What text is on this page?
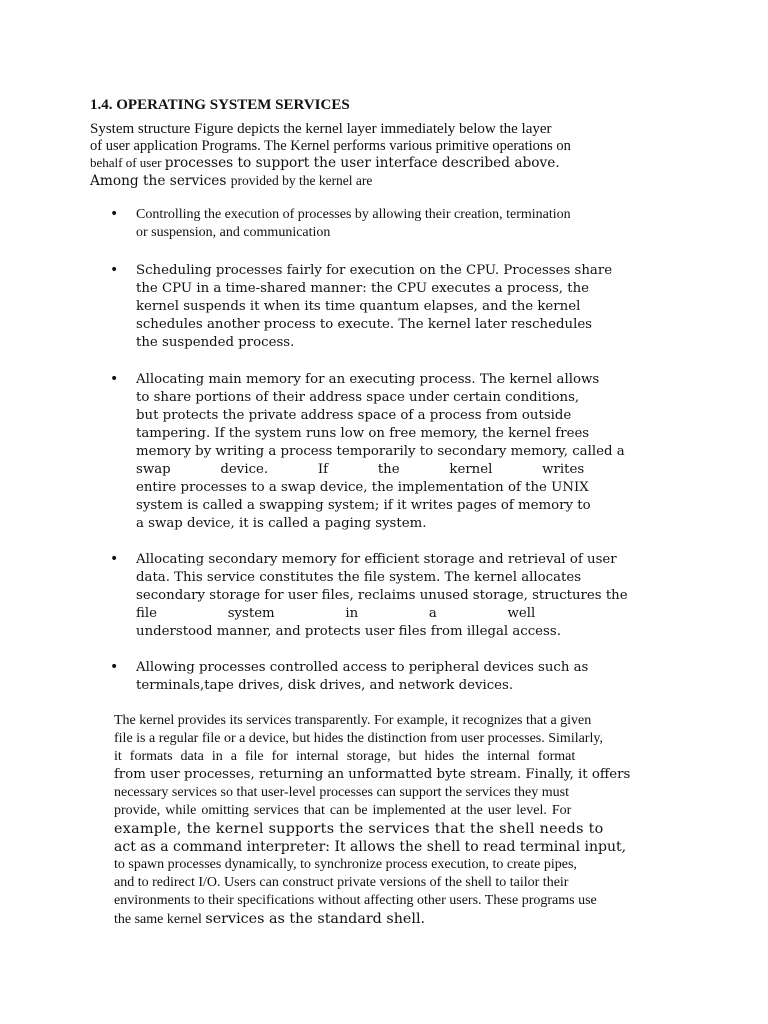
1.4. OPERATING SYSTEM SERVICES
System structure Figure depicts the kernel layer immediately below the layer
of user application Programs. The Kernel performs various primitive operations on
behalf of user processes to support the user interface described above.
Among the services provided by the kernel are
• Controlling the execution of processes by allowing their creation, termination
or suspension, and communication
• Scheduling processes fairly for execution on the CPU. Processes share
the CPU in a time-shared manner: the CPU executes a process, the
kernel suspends it when its time quantum elapses, and the kernel
schedules another process to execute. The kernel later reschedules
the suspended process.
• Allocating main memory for an executing process. The kernel allows
to share portions of their address space under certain conditions,
but protects the private address space of a process from outside
tampering. If the system runs low on free memory, the kernel frees
memory by writing a process temporarily to secondary memory, called a
swap	device.	If	the	kernel	writes
entire processes to a swap device, the implementation of the UNIX
system is called a swapping system; if it writes pages of memory to
a swap device, it is called a paging system.
• Allocating secondary memory for efficient storage and retrieval of user
data. This service constitutes the file system. The kernel allocates
secondary storage for user files, reclaims unused storage, structures the
file	system	in	a	well
understood manner, and protects user files from illegal access.
• Allowing processes controlled access to peripheral devices such as
terminals,tape drives, disk drives, and network devices.
The kernel provides its services transparently. For example, it recognizes that a given
file is a regular file or a device, but hides the distinction from user processes. Similarly,
it formats data in a file for internal storage, but hides the internal format
from user processes, returning an unformatted byte stream. Finally, it offers
necessary services so that user-level processes can support the services they must
provide, while omitting services that can be implemented at the user level. For
example, the kernel supports the services that the shell needs to
act as a command interpreter: It allows the shell to read terminal input,
to spawn processes dynamically, to synchronize process execution, to create pipes,
and to redirect I/O. Users can construct private versions of the shell to tailor their
environments to their specifications without affecting other users. These programs use
the same kernel services as the standard shell.
